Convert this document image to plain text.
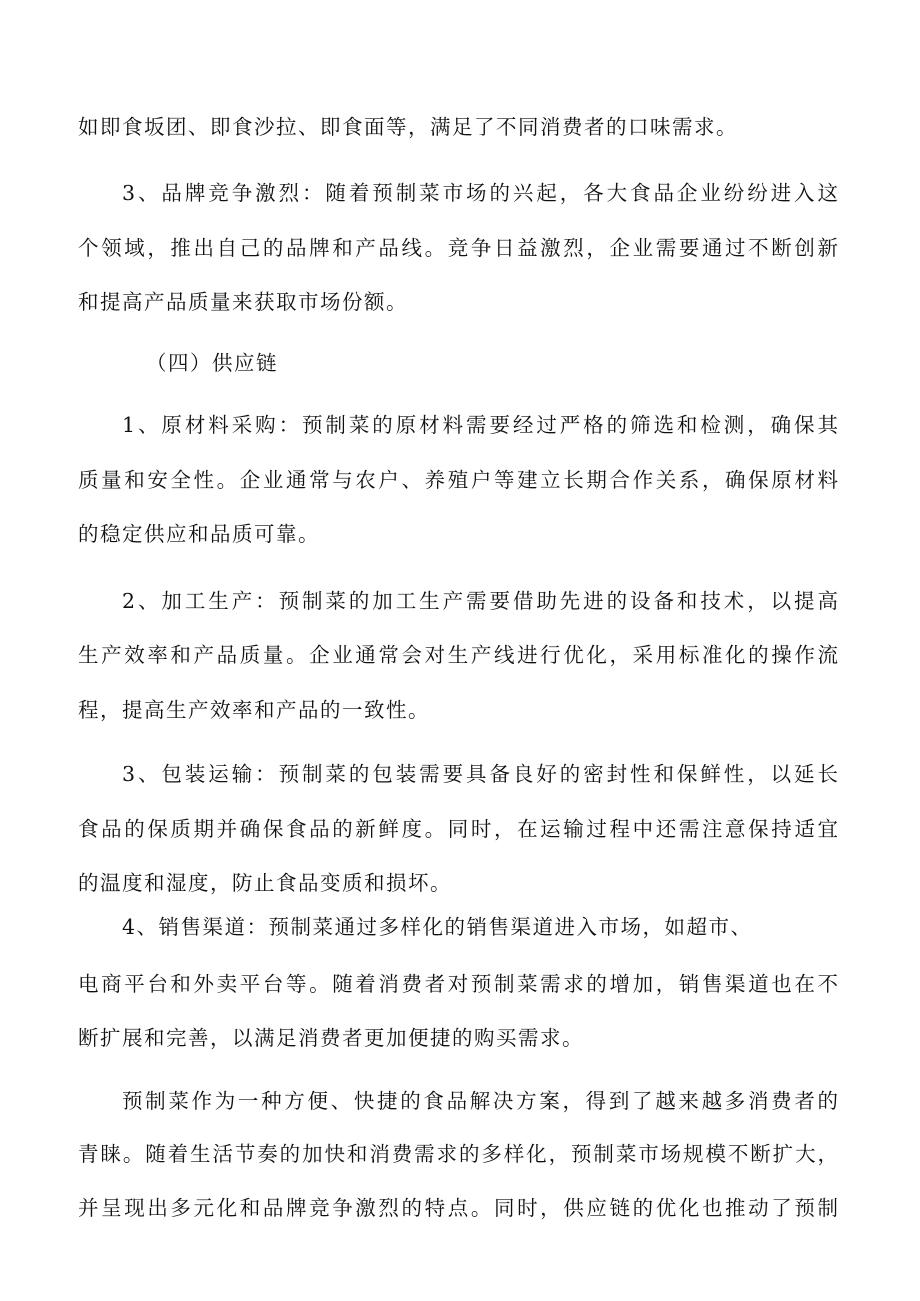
如即食坂团、即食沙拉、即食面等，满足了不同消费者的口味需求。
3、品牌竞争激烈：随着预制菜市场的兴起，各大食品企业纷纷进入这
个领域，推出自己的品牌和产品线。竞争日益激烈，企业需要通过不断创新
和提高产品质量来获取市场份额。
（四）供应链
1、原材料采购：预制菜的原材料需要经过严格的筛选和检测，确保其
质量和安全性。企业通常与农户、养殖户等建立长期合作关系，确保原材料
的稳定供应和品质可靠。
2、加工生产：预制菜的加工生产需要借助先进的设备和技术，以提高
生产效率和产品质量。企业通常会对生产线进行优化，采用标准化的操作流
程，提高生产效率和产品的一致性。
3、包装运输：预制菜的包装需要具备良好的密封性和保鲜性，以延长
食品的保质期并确保食品的新鲜度。同时，在运输过程中还需注意保持适宜
的温度和湿度，防止食品变质和损坏。
4、销售渠道：预制菜通过多样化的销售渠道进入市场，如超市、
电商平台和外卖平台等。随着消费者对预制菜需求的增加，销售渠道也在不
断扩展和完善，以满足消费者更加便捷的购买需求。
预制菜作为一种方便、快捷的食品解决方案，得到了越来越多消费者的
青睐。随着生活节奏的加快和消费需求的多样化，预制菜市场规模不断扩大，
并呈现出多元化和品牌竞争激烈的特点。同时，供应链的优化也推动了预制
